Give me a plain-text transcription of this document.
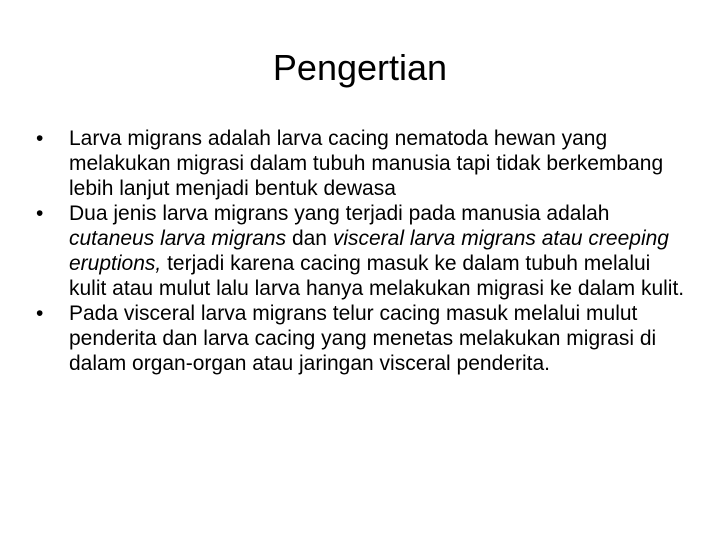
Pengertian
•	Larva migrans adalah larva cacing nematoda hewan yang melakukan migrasi dalam tubuh manusia tapi tidak berkembang lebih lanjut menjadi bentuk dewasa
•	Dua jenis larva migrans yang terjadi pada manusia adalah cutaneus larva migrans dan visceral larva migrans atau creeping eruptions, terjadi karena cacing masuk ke dalam tubuh melalui kulit atau mulut lalu larva hanya melakukan migrasi ke dalam kulit.
•	Pada visceral larva migrans telur cacing masuk melalui mulut penderita dan larva cacing yang menetas melakukan migrasi di dalam organ-organ atau jaringan visceral penderita.
